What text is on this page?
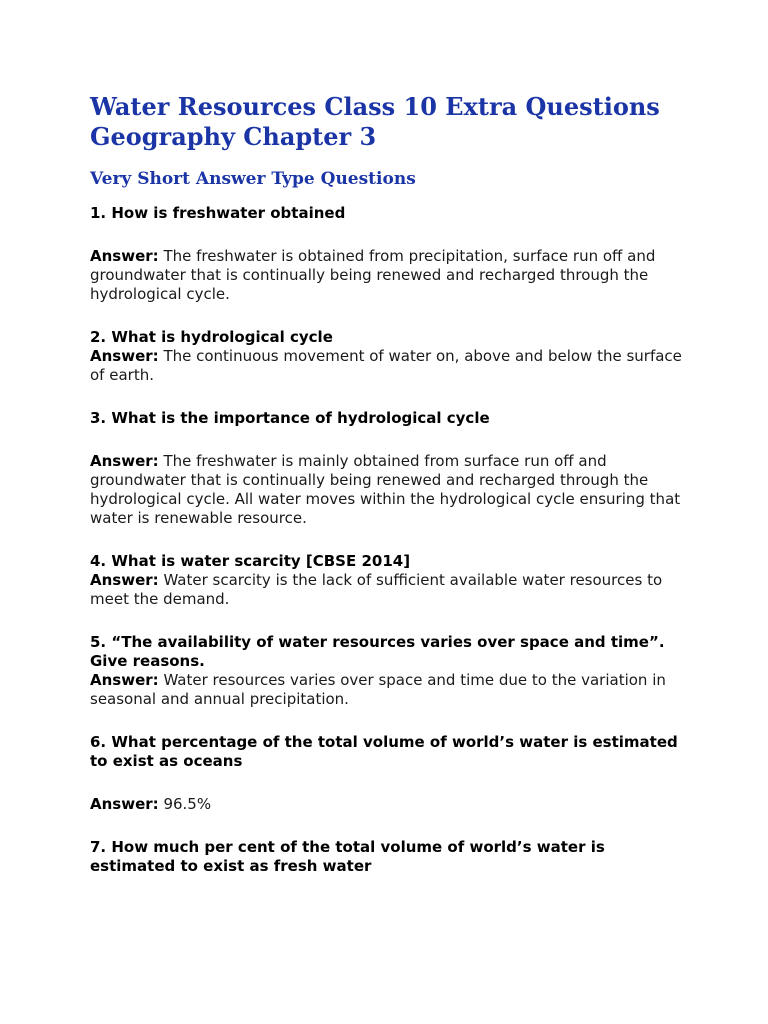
Water Resources Class 10 Extra Questions Geography Chapter 3
Very Short Answer Type Questions

1. How is freshwater obtained

Answer: The freshwater is obtained from precipitation, surface run off and groundwater that is continually being renewed and recharged through the hydrological cycle.

2. What is hydrological cycle

Answer: The continuous movement of water on, above and below the surface of earth.

3. What is the importance of hydrological cycle

Answer: The freshwater is mainly obtained from surface run off and groundwater that is continually being renewed and recharged through the hydrological cycle. All water moves within the hydrological cycle ensuring that water is renewable resource.

4. What is water scarcity [CBSE 2014]

Answer: Water scarcity is the lack of sufficient available water resources to meet the demand.

5. “The availability of water resources varies over space and time”. Give reasons.

Answer: Water resources varies over space and time due to the variation in seasonal and annual precipitation.

6. What percentage of the total volume of world’s water is estimated to exist as oceans

Answer: 96.5%

7. How much per cent of the total volume of world’s water is estimated to exist as fresh water
